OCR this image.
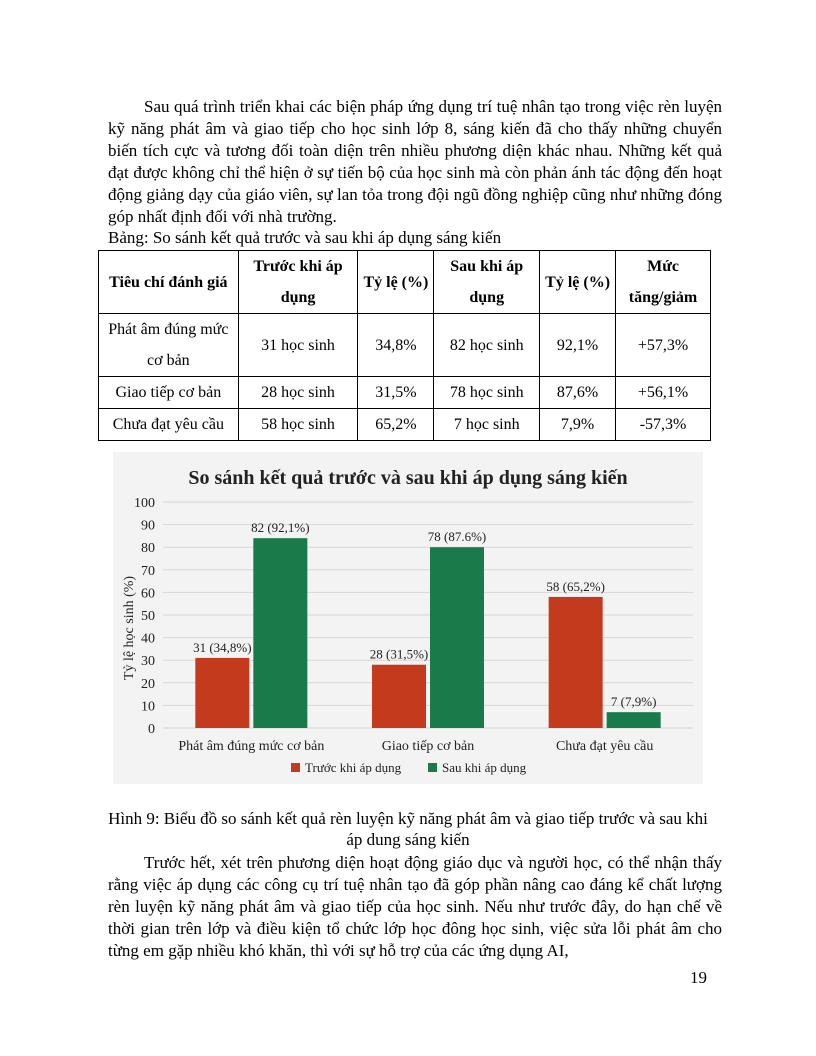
Sau quá trình triển khai các biện pháp ứng dụng trí tuệ nhân tạo trong việc rèn luyện kỹ năng phát âm và giao tiếp cho học sinh lớp 8, sáng kiến đã cho thấy những chuyển biến tích cực và tương đối toàn diện trên nhiều phương diện khác nhau. Những kết quả đạt được không chỉ thể hiện ở sự tiến bộ của học sinh mà còn phản ánh tác động đến hoạt động giảng dạy của giáo viên, sự lan tỏa trong đội ngũ đồng nghiệp cũng như những đóng góp nhất định đối với nhà trường.

Bảng: So sánh kết quả trước và sau khi áp dụng sáng kiến

Tiêu chí đánh giá	Trước khi áp dụng	Tỷ lệ (%)	Sau khi áp dụng	Tỷ lệ (%)	Mức tăng/giảm
Phát âm đúng mức cơ bản	31 học sinh	34,8%	82 học sinh	92,1%	+57,3%
Giao tiếp cơ bản	28 học sinh	31,5%	78 học sinh	87,6%	+56,1%
Chưa đạt yêu cầu	58 học sinh	65,2%	7 học sinh	7,9%	-57,3%
So sánh kết quả trước và sau khi áp dụng sáng kiến
0
10
20
30
40
50
60
70
80
90
100
31 (34,8%)
82 (92,1%)
28 (31,5%)
78 (87.6%)
58 (65,2%)
7 (7,9%)
Phát âm đúng mức cơ bản	Giao tiếp cơ bản	Chưa đạt yêu cầu
Tỷ lệ học sinh (%)
Trước khi áp dụng	Sau khi áp dụng

Hình 9: Biểu đồ so sánh kết quả rèn luyện kỹ năng phát âm và giao tiếp trước và sau khi áp dung sáng kiến

Trước hết, xét trên phương diện hoạt động giáo dục và người học, có thể nhận thấy rằng việc áp dụng các công cụ trí tuệ nhân tạo đã góp phần nâng cao đáng kể chất lượng rèn luyện kỹ năng phát âm và giao tiếp của học sinh. Nếu như trước đây, do hạn chế về thời gian trên lớp và điều kiện tổ chức lớp học đông học sinh, việc sửa lỗi phát âm cho từng em gặp nhiều khó khăn, thì với sự hỗ trợ của các ứng dụng AI,

19
